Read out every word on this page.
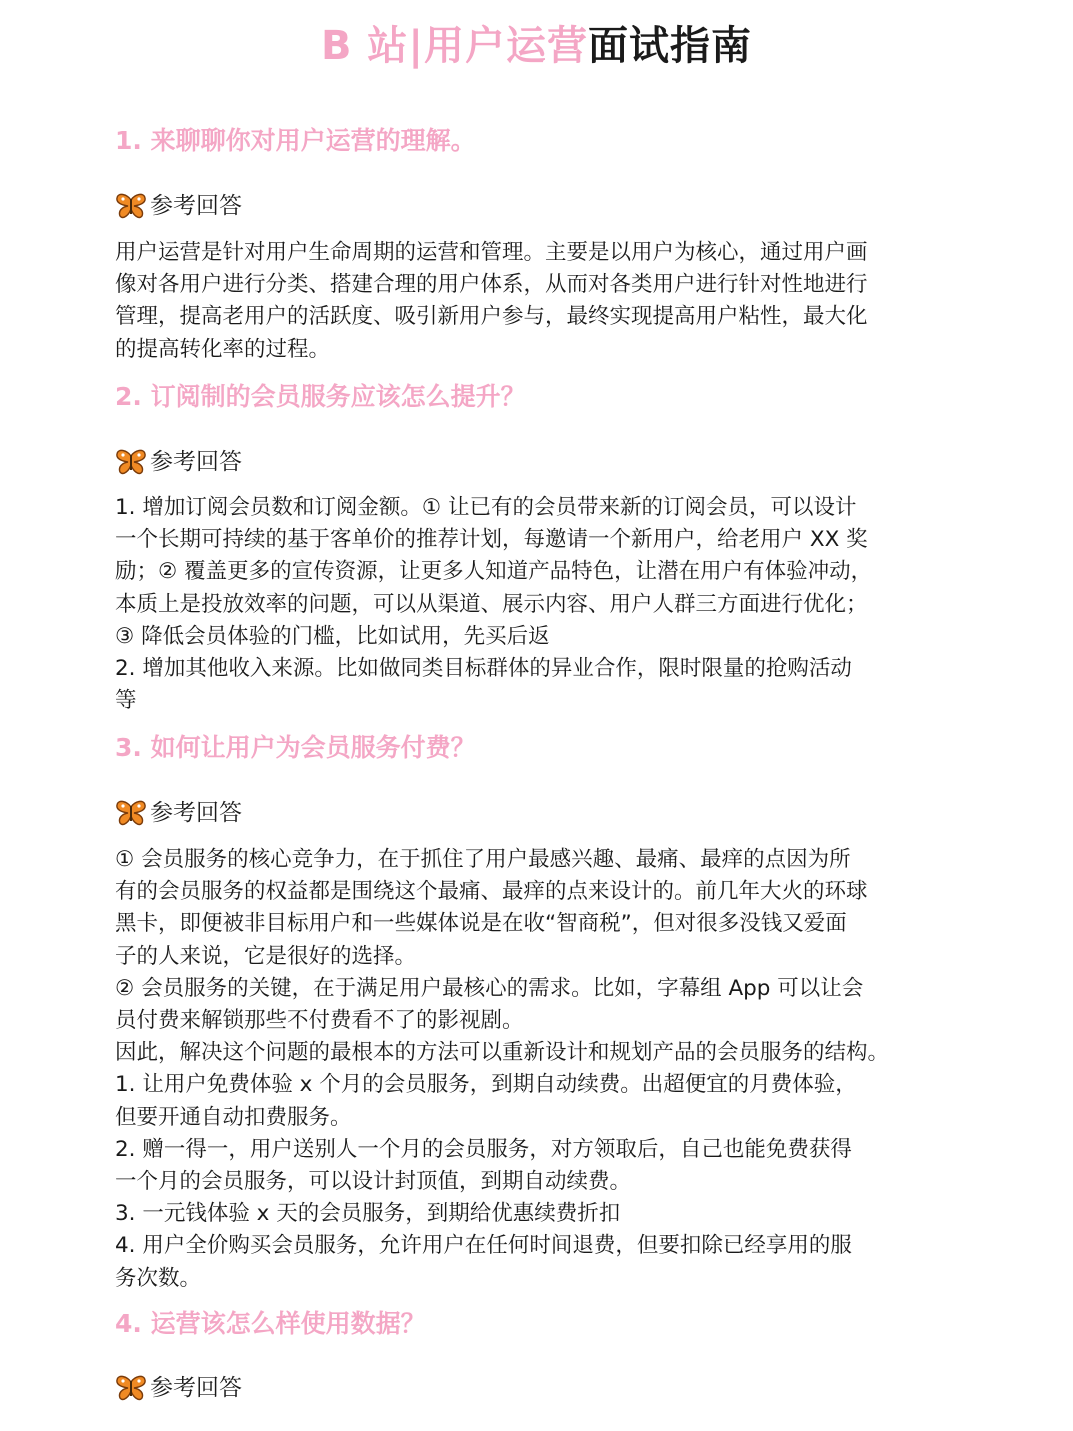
B 站|用户运营面试指南
1. 来聊聊你对用户运营的理解。
参考回答
用户运营是针对用户生命周期的运营和管理。主要是以用户为核心，通过用户画
像对各用户进行分类、搭建合理的用户体系，从而对各类用户进行针对性地进行
管理，提高老用户的活跃度、吸引新用户参与，最终实现提高用户粘性，最大化
的提高转化率的过程。
2. 订阅制的会员服务应该怎么提升？
参考回答
1. 增加订阅会员数和订阅金额。① 让已有的会员带来新的订阅会员，可以设计
一个长期可持续的基于客单价的推荐计划，每邀请一个新用户，给老用户 XX 奖
励；② 覆盖更多的宣传资源，让更多人知道产品特色，让潜在用户有体验冲动，
本质上是投放效率的问题，可以从渠道、展示内容、用户人群三方面进行优化；
③ 降低会员体验的门槛，比如试用，先买后返
2. 增加其他收入来源。比如做同类目标群体的异业合作，限时限量的抢购活动
等
3. 如何让用户为会员服务付费？
参考回答
① 会员服务的核心竞争力，在于抓住了用户最感兴趣、最痛、最痒的点因为所
有的会员服务的权益都是围绕这个最痛、最痒的点来设计的。前几年大火的环球
黑卡，即便被非目标用户和一些媒体说是在收“智商税”，但对很多没钱又爱面
子的人来说，它是很好的选择。
② 会员服务的关键，在于满足用户最核心的需求。比如，字幕组 App 可以让会
员付费来解锁那些不付费看不了的影视剧。
因此，解决这个问题的最根本的方法可以重新设计和规划产品的会员服务的结构。
1. 让用户免费体验 x 个月的会员服务，到期自动续费。出超便宜的月费体验，
但要开通自动扣费服务。
2. 赠一得一，用户送别人一个月的会员服务，对方领取后，自己也能免费获得
一个月的会员服务，可以设计封顶值，到期自动续费。
3. 一元钱体验 x 天的会员服务，到期给优惠续费折扣
4. 用户全价购买会员服务，允许用户在任何时间退费，但要扣除已经享用的服
务次数。
4. 运营该怎么样使用数据？
参考回答
